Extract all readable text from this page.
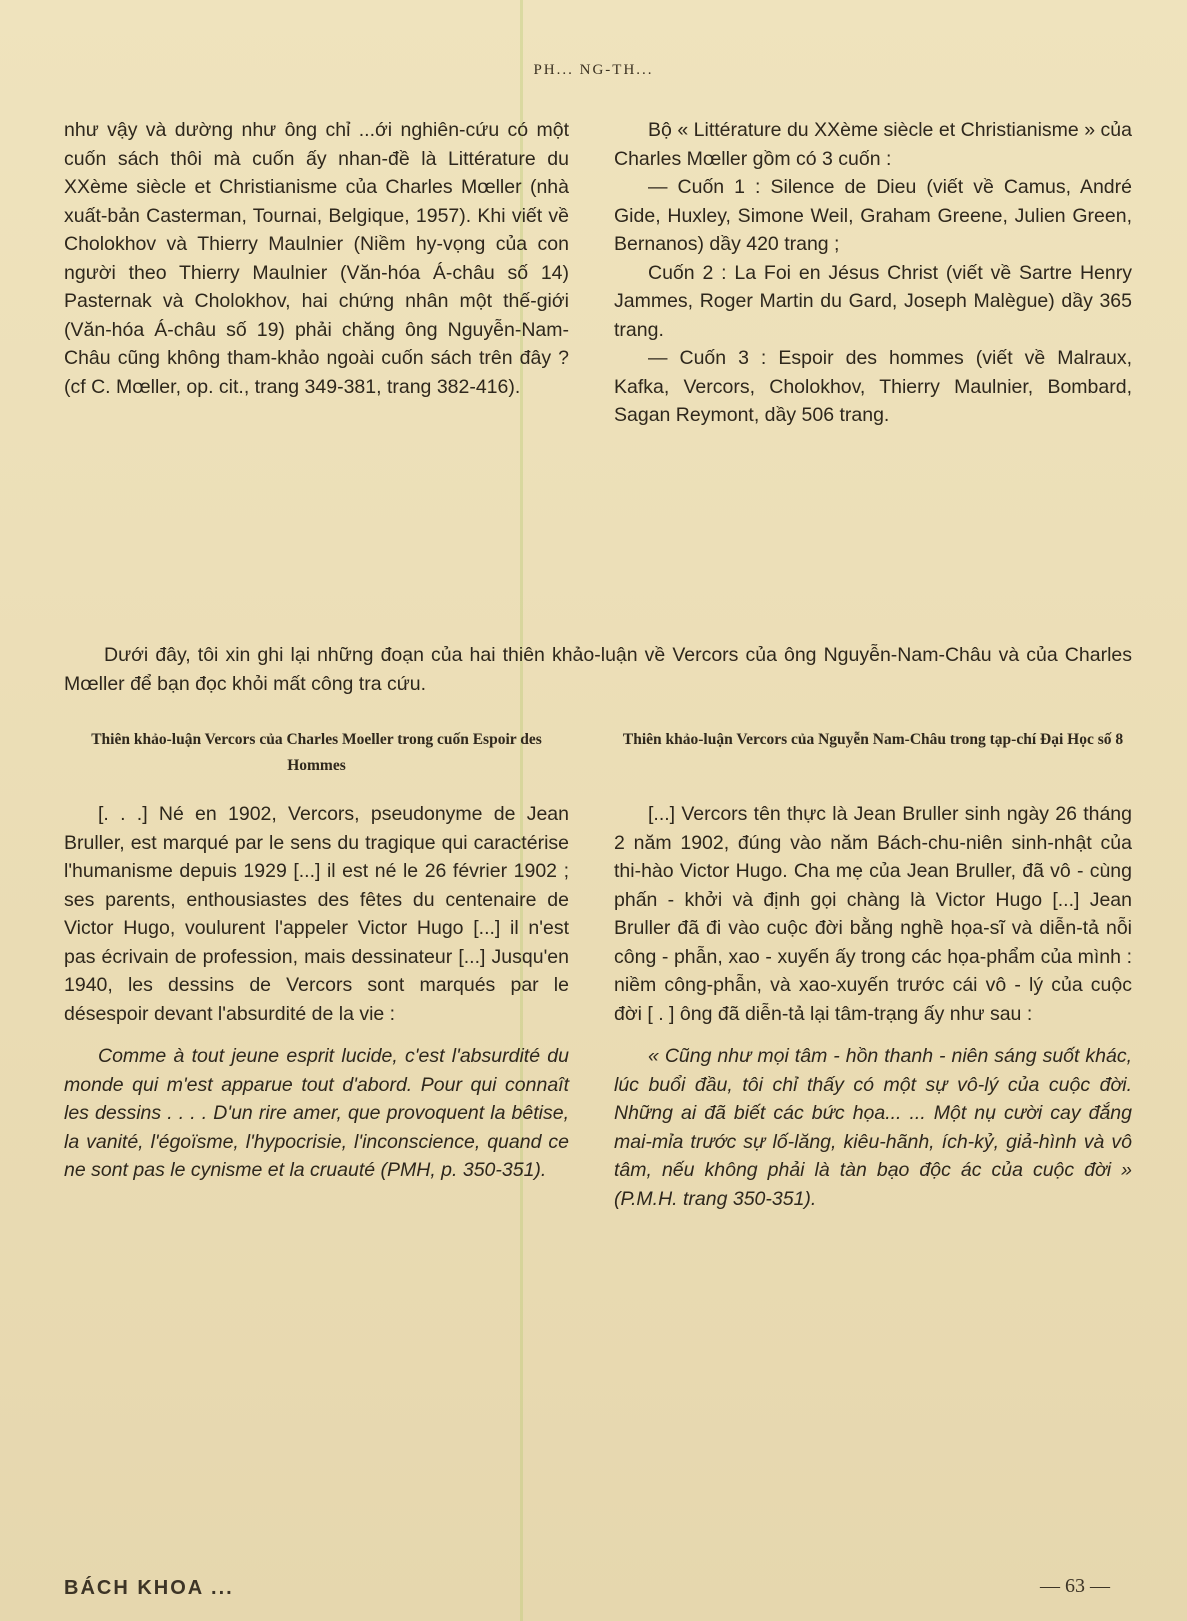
PH... NG-TH...

như vậy và dường như ông chỉ ...ới nghiên-cứu có một cuốn sách thôi mà cuốn ấy nhan-đề là Littérature du XXème siècle et Christianisme của Charles Mœller (nhà xuất-bản Casterman, Tournai, Belgique, 1957). Khi viết về Cholokhov và Thierry Maulnier (Niềm hy-vọng của con người theo Thierry Maulnier (Văn-hóa Á-châu số 14) Pasternak và Cholokhov, hai chứng nhân một thế-giới (Văn-hóa Á-châu số 19) phải chăng ông Nguyễn-Nam-Châu cũng không tham-khảo ngoài cuốn sách trên đây ? (cf C. Mœller, op. cit., trang 349-381, trang 382-416).

Bộ « Littérature du XXème siècle et Christianisme » của Charles Mœller gồm có 3 cuốn :

— Cuốn 1 : Silence de Dieu (viết về Camus, André Gide, Huxley, Simone Weil, Graham Greene, Julien Green, Bernanos) dầy 420 trang ;

Cuốn 2 : La Foi en Jésus Christ (viết về Sartre Henry Jammes, Roger Martin du Gard, Joseph Malègue) dầy 365 trang.

— Cuốn 3 : Espoir des hommes (viết về Malraux, Kafka, Vercors, Cholokhov, Thierry Maulnier, Bombard, Sagan Reymont, dầy 506 trang.

Dưới đây, tôi xin ghi lại những đoạn của hai thiên khảo-luận về Vercors của ông Nguyễn-Nam-Châu và của Charles Mœller để bạn đọc khỏi mất công tra cứu.

Thiên khảo-luận Vercors của Charles Moeller trong cuốn Espoir des Hommes
Thiên khảo-luận Vercors của Nguyễn Nam-Châu trong tạp-chí Đại Học số 8

[. . .] Né en 1902, Vercors, pseudonyme de Jean Bruller, est marqué par le sens du tragique qui caractérise l'humanisme depuis 1929 [...] il est né le 26 février 1902 ; ses parents, enthousiastes des fêtes du centenaire de Victor Hugo, voulurent l'appeler Victor Hugo [...] il n'est pas écrivain de profession, mais dessinateur [...] Jusqu'en 1940, les dessins de Vercors sont marqués par le désespoir devant l'absurdité de la vie :

Comme à tout jeune esprit lucide, c'est l'absurdité du monde qui m'est apparue tout d'abord. Pour qui connaît les dessins . . . . D'un rire amer, que provoquent la bêtise, la vanité, l'égoïsme, l'hypocrisie, l'inconscience, quand ce ne sont pas le cynisme et la cruauté (PMH, p. 350-351).

[...] Vercors tên thực là Jean Bruller sinh ngày 26 tháng 2 năm 1902, đúng vào năm Bách-chu-niên sinh-nhật của thi-hào Victor Hugo. Cha mẹ của Jean Bruller, đã vô - cùng phấn - khởi và định gọi chàng là Victor Hugo [...] Jean Bruller đã đi vào cuộc đời bằng nghề họa-sĩ và diễn-tả nỗi công - phẫn, xao - xuyến ấy trong các họa-phẩm của mình : niềm công-phẫn, và xao-xuyến trước cái vô - lý của cuộc đời [ . ] ông đã diễn-tả lại tâm-trạng ấy như sau :

« Cũng như mọi tâm - hồn thanh - niên sáng suốt khác, lúc buổi đầu, tôi chỉ thấy có một sự vô-lý của cuộc đời. Những ai đã biết các bức họa... ... Một nụ cười cay đắng mai-mỉa trước sự lố-lăng, kiêu-hãnh, ích-kỷ, giả-hình và vô tâm, nếu không phải là tàn bạo độc ác của cuộc đời » (P.M.H. trang 350-351).

BÁCH KHOA ...	— 63 —
